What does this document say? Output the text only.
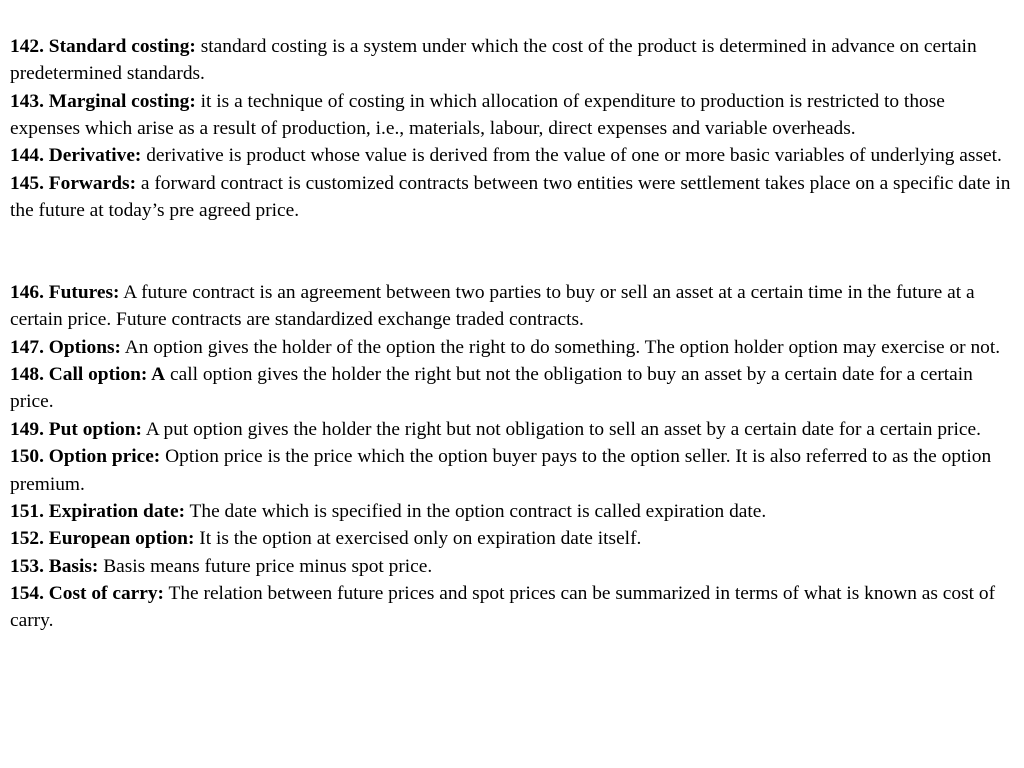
142. Standard costing: standard costing is a system under which the cost of the product is determined in advance on certain predetermined standards.

143. Marginal costing: it is a technique of costing in which allocation of expenditure to production is restricted to those expenses which arise as a result of production, i.e., materials, labour, direct expenses and variable overheads.

144. Derivative: derivative is product whose value is derived from the value of one or more basic variables of underlying asset.

145. Forwards: a forward contract is customized contracts between two entities were settlement takes place on a specific date in the future at today’s pre agreed price.

146. Futures: A future contract is an agreement between two parties to buy or sell an asset at a certain time in the future at a certain price. Future contracts are standardized exchange traded contracts.

147. Options: An option gives the holder of the option the right to do something. The option holder option may exercise or not.

148. Call option: A call option gives the holder the right but not the obligation to buy an asset by a certain date for a certain price.

149. Put option: A put option gives the holder the right but not obligation to sell an asset by a certain date for a certain price.

150. Option price: Option price is the price which the option buyer pays to the option seller. It is also referred to as the option premium.

151. Expiration date: The date which is specified in the option contract is called expiration date.

152. European option: It is the option at exercised only on expiration date itself.

153. Basis: Basis means future price minus spot price.

154. Cost of carry: The relation between future prices and spot prices can be summarized in terms of what is known as cost of carry.
